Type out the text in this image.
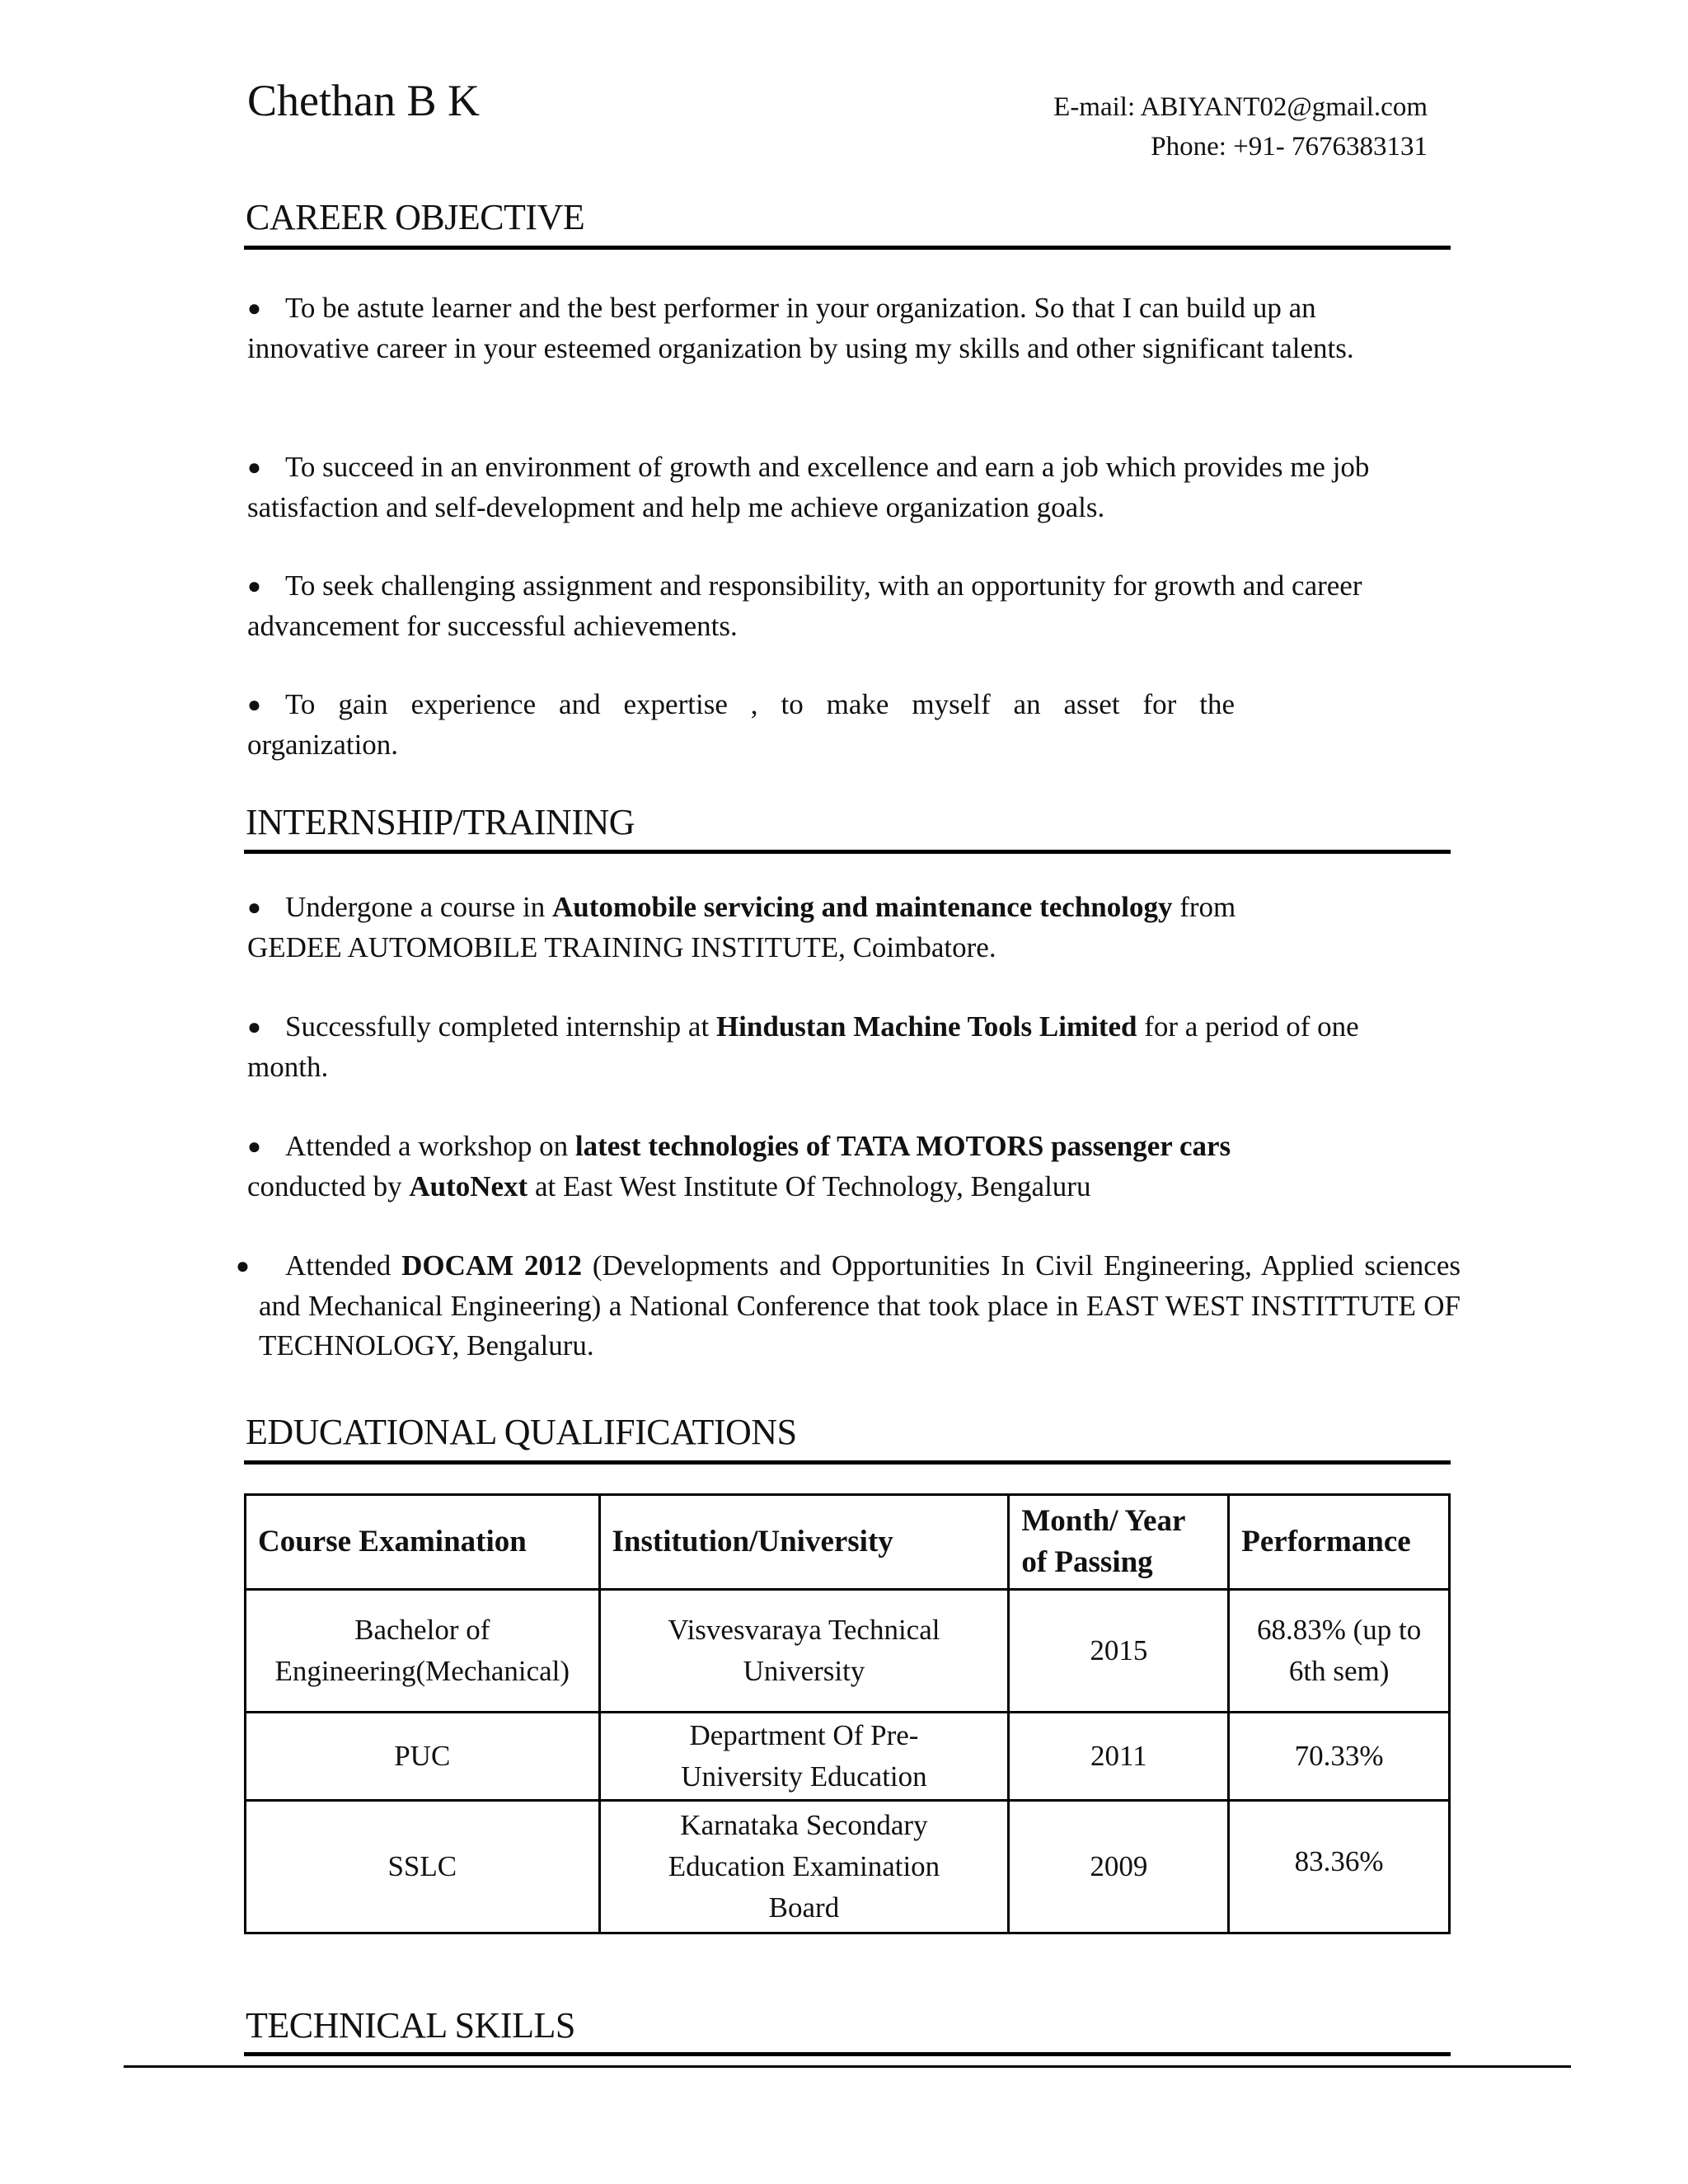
Chethan B K	E-mail: ABIYANT02@gmail.com
Phone: +91- 7676383131
CAREER OBJECTIVE
● To be astute learner and the best performer in your organization. So that I can build up an innovative career in your esteemed organization by using my skills and other significant talents.
● To succeed in an environment of growth and excellence and earn a job which provides me job satisfaction and self-development and help me achieve organization goals.
● To seek challenging assignment and responsibility, with an opportunity for growth and career advancement for successful achievements.
● To gain experience and expertise , to make myself an asset for the organization.
INTERNSHIP/TRAINING
● Undergone a course in Automobile servicing and maintenance technology from GEDEE AUTOMOBILE TRAINING INSTITUTE, Coimbatore.
● Successfully completed internship at Hindustan Machine Tools Limited for a period of one month.
● Attended a workshop on latest technologies of TATA MOTORS passenger cars conducted by AutoNext at East West Institute Of Technology, Bengaluru
● Attended DOCAM 2012 (Developments and Opportunities In Civil Engineering, Applied sciences and Mechanical Engineering) a National Conference that took place in EAST WEST INSTITTUTE OF TECHNOLOGY, Bengaluru.
EDUCATIONAL QUALIFICATIONS
Course Examination	Institution/University	Month/ Year of Passing	Performance
Bachelor of Engineering(Mechanical)	Visvesvaraya Technical University	2015	68.83% (up to 6th sem)
PUC	Department Of Pre-University Education	2011	70.33%
SSLC	Karnataka Secondary Education Examination Board	2009	83.36%
TECHNICAL SKILLS
